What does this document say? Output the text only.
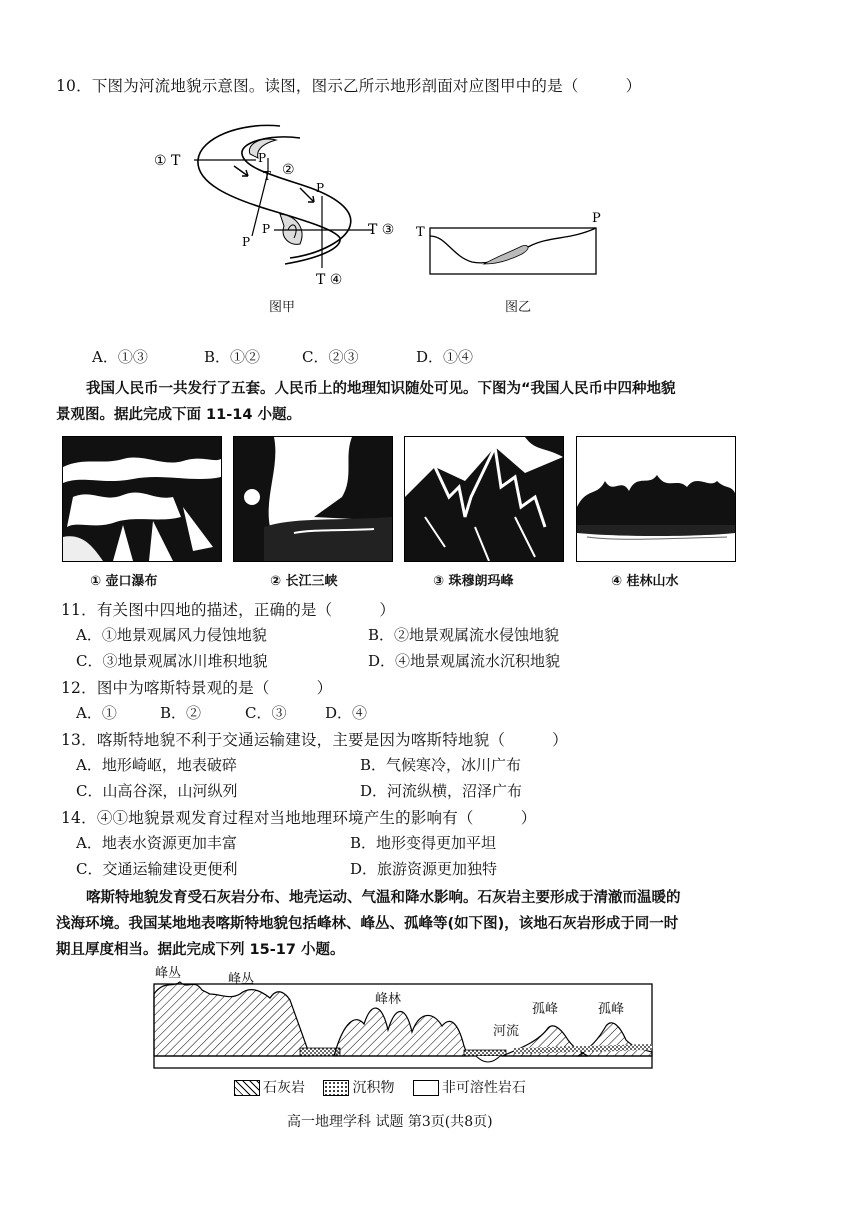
10．下图为河流地貌示意图。读图，图示乙所示地形剖面对应图甲中的是（　　　）
① T	P
T ②
P
P
P
T ③
T ④
图甲
T
P
图乙
A．①③	B．①②	C．②③	D．①④
我国人民币一共发行了五套。人民币上的地理知识随处可见。下图为“我国人民币中四种地貌
景观图。据此完成下面 11-14 小题。
① 壶口瀑布	② 长江三峡	③ 珠穆朗玛峰	④ 桂林山水
11．有关图中四地的描述，正确的是（　　　）
A．①地景观属风力侵蚀地貌	B．②地景观属流水侵蚀地貌
C．③地景观属冰川堆积地貌	D．④地景观属流水沉积地貌
12．图中为喀斯特景观的是（　　　）
A．①	B．②	C．③	D．④
13．喀斯特地貌不利于交通运输建设，主要是因为喀斯特地貌（　　　）
A．地形崎岖，地表破碎	B．气候寒冷，冰川广布
C．山高谷深，山河纵列	D．河流纵横，沼泽广布
14．④①地貌景观发育过程对当地地理环境产生的影响有（　　　）
A．地表水资源更加丰富	B．地形变得更加平坦
C．交通运输建设更便利	D．旅游资源更加独特
喀斯特地貌发育受石灰岩分布、地壳运动、气温和降水影响。石灰岩主要形成于清澈而温暖的
浅海环境。我国某地地表喀斯特地貌包括峰林、峰丛、孤峰等(如下图)，该地石灰岩形成于同一时
期且厚度相当。据此完成下列 15-17 小题。
峰丛	峰丛
峰林
河流
孤峰	孤峰
石灰岩	沉积物	非可溶性岩石
高一地理学科 试题 第3页(共8页)
